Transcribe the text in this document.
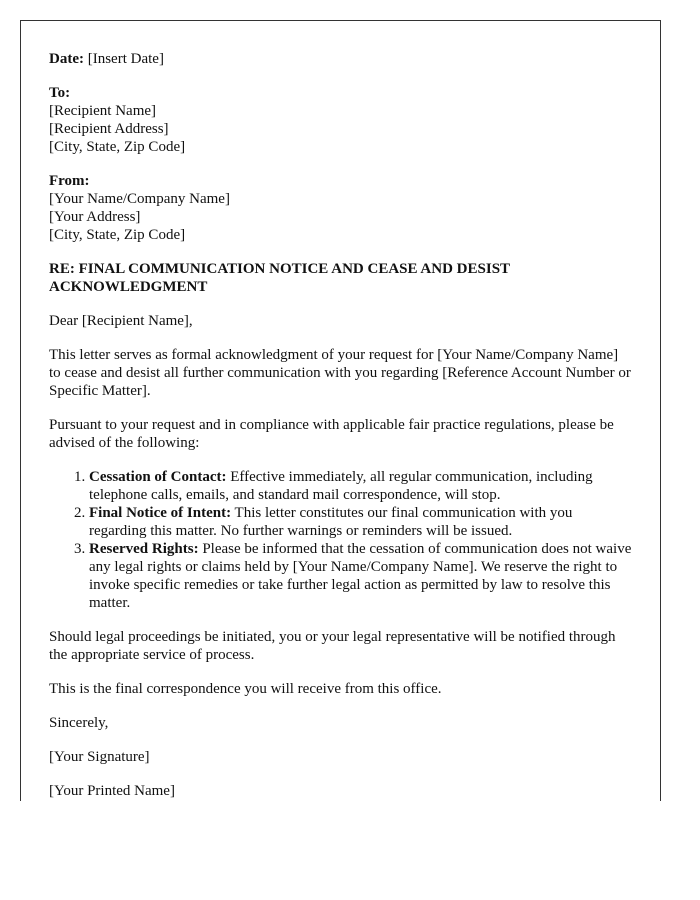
Date: [Insert Date]

To:
[Recipient Name]
[Recipient Address]
[City, State, Zip Code]

From:
[Your Name/Company Name]
[Your Address]
[City, State, Zip Code]

RE: FINAL COMMUNICATION NOTICE AND CEASE AND DESIST ACKNOWLEDGMENT

Dear [Recipient Name],

This letter serves as formal acknowledgment of your request for [Your Name/Company Name] to cease and desist all further communication with you regarding [Reference Account Number or Specific Matter].

Pursuant to your request and in compliance with applicable fair practice regulations, please be advised of the following:

1. Cessation of Contact: Effective immediately, all regular communication, including telephone calls, emails, and standard mail correspondence, will stop.
2. Final Notice of Intent: This letter constitutes our final communication with you regarding this matter. No further warnings or reminders will be issued.
3. Reserved Rights: Please be informed that the cessation of communication does not waive any legal rights or claims held by [Your Name/Company Name]. We reserve the right to invoke specific remedies or take further legal action as permitted by law to resolve this matter.

Should legal proceedings be initiated, you or your legal representative will be notified through the appropriate service of process.

This is the final correspondence you will receive from this office.

Sincerely,

[Your Signature]

[Your Printed Name]
